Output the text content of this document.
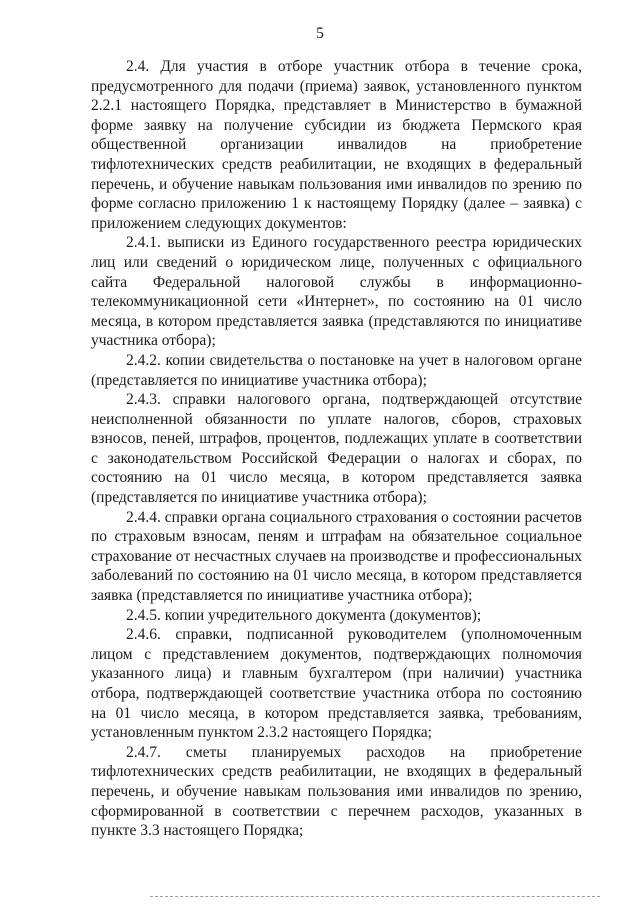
5

2.4. Для участия в отборе участник отбора в течение срока, предусмотренного для подачи (приема) заявок, установленного пунктом 2.2.1 настоящего Порядка, представляет в Министерство в бумажной форме заявку на получение субсидии из бюджета Пермского края общественной организации инвалидов на приобретение тифлотехнических средств реабилитации, не входящих в федеральный перечень, и обучение навыкам пользования ими инвалидов по зрению по форме согласно приложению 1 к настоящему Порядку (далее – заявка) с приложением следующих документов:

2.4.1. выписки из Единого государственного реестра юридических лиц или сведений о юридическом лице, полученных с официального сайта Федеральной налоговой службы в информационно-телекоммуникационной сети «Интернет», по состоянию на 01 число месяца, в котором представляется заявка (представляются по инициативе участника отбора);

2.4.2. копии свидетельства о постановке на учет в налоговом органе (представляется по инициативе участника отбора);

2.4.3. справки налогового органа, подтверждающей отсутствие неисполненной обязанности по уплате налогов, сборов, страховых взносов, пеней, штрафов, процентов, подлежащих уплате в соответствии с законодательством Российской Федерации о налогах и сборах, по состоянию на 01 число месяца, в котором представляется заявка (представляется по инициативе участника отбора);

2.4.4. справки органа социального страхования о состоянии расчетов по страховым взносам, пеням и штрафам на обязательное социальное страхование от несчастных случаев на производстве и профессиональных заболеваний по состоянию на 01 число месяца, в котором представляется заявка (представляется по инициативе участника отбора);

2.4.5. копии учредительного документа (документов);

2.4.6. справки, подписанной руководителем (уполномоченным лицом с представлением документов, подтверждающих полномочия указанного лица) и главным бухгалтером (при наличии) участника отбора, подтверждающей соответствие участника отбора по состоянию на 01 число месяца, в котором представляется заявка, требованиям, установленным пунктом 2.3.2 настоящего Порядка;

2.4.7. сметы планируемых расходов на приобретение тифлотехнических средств реабилитации, не входящих в федеральный перечень, и обучение навыкам пользования ими инвалидов по зрению, сформированной в соответствии с перечнем расходов, указанных в пункте 3.3 настоящего Порядка;
